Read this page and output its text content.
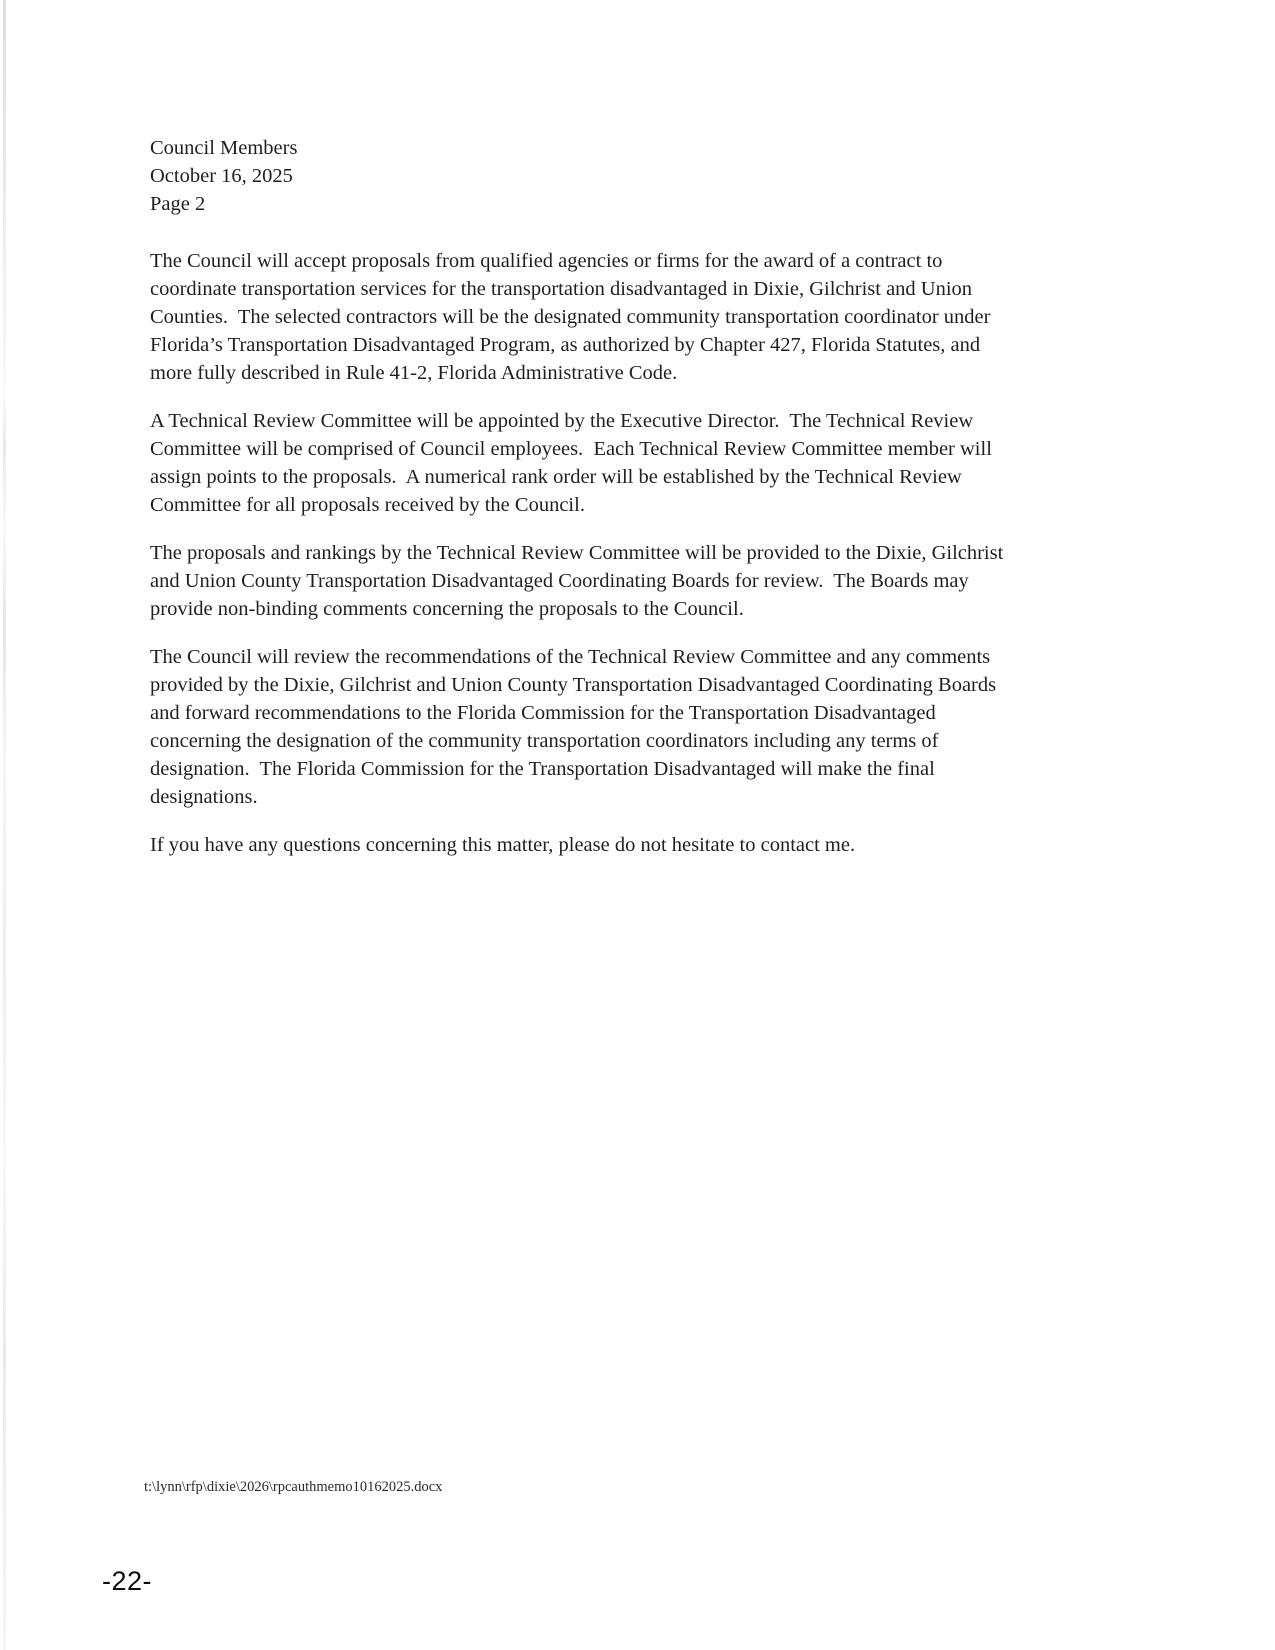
Council Members
October 16, 2025
Page 2
The Council will accept proposals from qualified agencies or firms for the award of a contract to
coordinate transportation services for the transportation disadvantaged in Dixie, Gilchrist and Union
Counties.  The selected contractors will be the designated community transportation coordinator under
Florida’s Transportation Disadvantaged Program, as authorized by Chapter 427, Florida Statutes, and
more fully described in Rule 41-2, Florida Administrative Code.
A Technical Review Committee will be appointed by the Executive Director.  The Technical Review
Committee will be comprised of Council employees.  Each Technical Review Committee member will
assign points to the proposals.  A numerical rank order will be established by the Technical Review
Committee for all proposals received by the Council.
The proposals and rankings by the Technical Review Committee will be provided to the Dixie, Gilchrist
and Union County Transportation Disadvantaged Coordinating Boards for review.  The Boards may
provide non-binding comments concerning the proposals to the Council.
The Council will review the recommendations of the Technical Review Committee and any comments
provided by the Dixie, Gilchrist and Union County Transportation Disadvantaged Coordinating Boards
and forward recommendations to the Florida Commission for the Transportation Disadvantaged
concerning the designation of the community transportation coordinators including any terms of
designation.  The Florida Commission for the Transportation Disadvantaged will make the final
designations.
If you have any questions concerning this matter, please do not hesitate to contact me.
t:\lynn\rfp\dixie\2026\rpcauthmemo10162025.docx
-22-
